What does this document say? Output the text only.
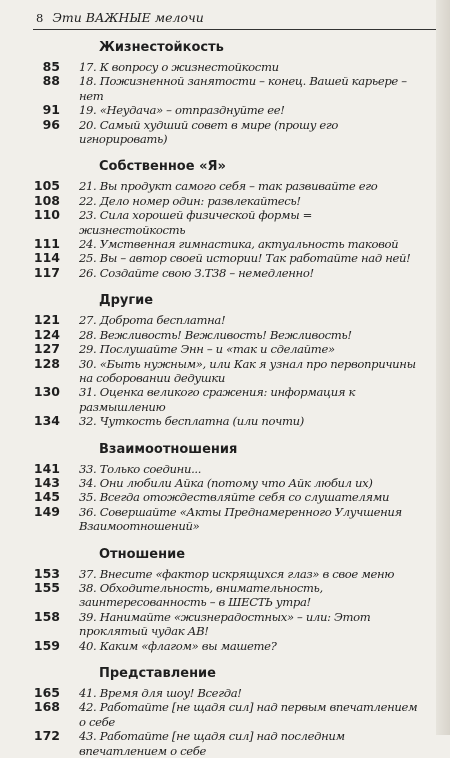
8 Эти ВАЖНЫЕ мелочи
Жизнестойкость
85	17. К вопросу о жизнестойкости
88	18. Пожизненной занятости – конец. Вашей карьере – нет
91	19. «Неудача» – отпразднуйте ее!
96	20. Самый худший совет в мире (прошу его игнорировать)
Собственное «Я»
105	21. Вы продукт самого себя – так развивайте его
108	22. Дело номер один: развлекайтесь!
110	23. Сила хорошей физической формы = жизнестойкость
111	24. Умственная гимнастика, актуальность таковой
114	25. Вы – автор своей истории! Так работайте над ней!
117	26. Создайте свою З.Т38 – немедленно!
Другие
121	27. Доброта бесплатна!
124	28. Вежливость! Вежливость! Вежливость!
127	29. Послушайте Энн – и «так и сделайте»
128	30. «Быть нужным», или Как я узнал про первопричины на соборовании дедушки
130	31. Оценка великого сражения: информация к размышлению
134	32. Чуткость бесплатна (или почти)
Взаимоотношения
141	33. Только соедини...
143	34. Они любили Айка (потому что Айк любил их)
145	35. Всегда отождествляйте себя со слушателями
149	36. Совершайте «Акты Преднамеренного Улучшения Взаимоотношений»
Отношение
153	37. Внесите «фактор искрящихся глаз» в свое меню
155	38. Обходительность, внимательность, заинтересованность – в ШЕСТЬ утра!
158	39. Нанимайте «жизнерадостных» – или: Этот проклятый чудак АВ!
159	40. Каким «флагом» вы машете?
Представление
165	41. Время для шоу! Всегда!
168	42. Работайте [не щадя сил] над первым впечатлением о себе
172	43. Работайте [не щадя сил] над последним впечатлением о себе
